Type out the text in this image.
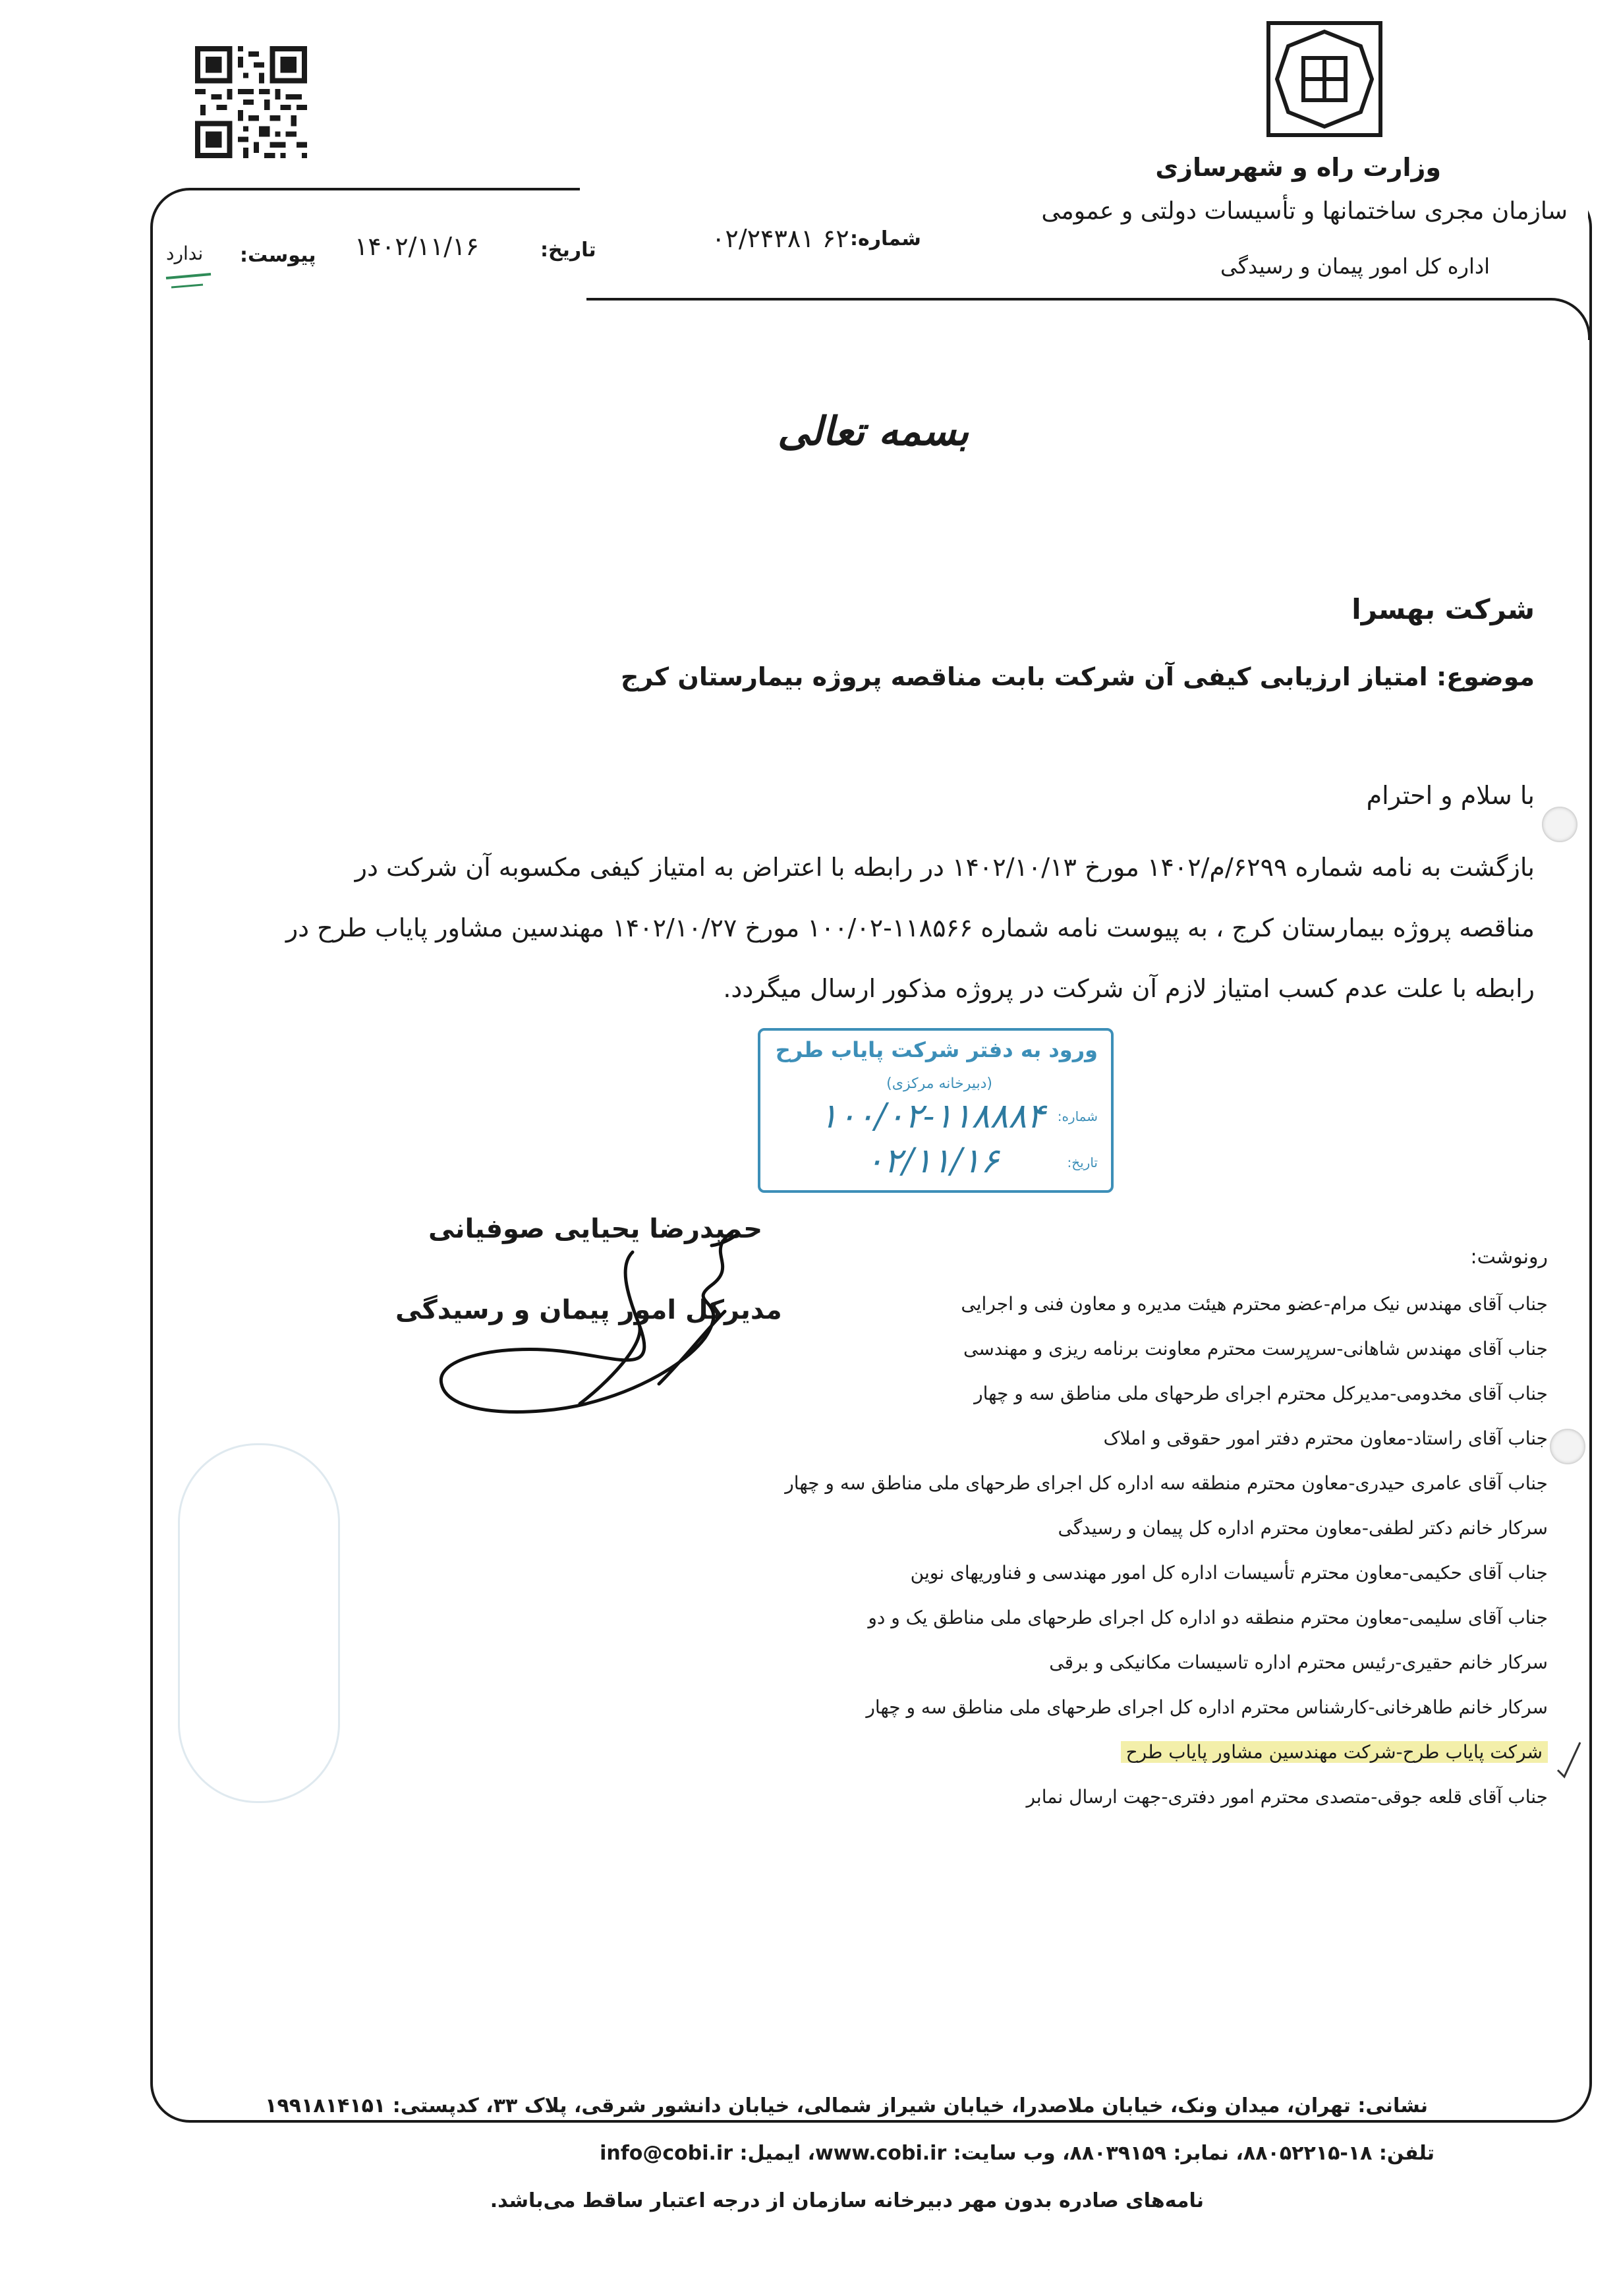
وزارت راه و شهرسازی
سازمان مجری ساختمانها و تأسیسات دولتی و عمومی
اداره کل امور پیمان و رسیدگی
شماره:
۶۲ ۰۲/۲۴۳۸۱
تاریخ:
۱۴۰۲/۱۱/۱۶
پیوست:
ندارد
بسمه تعالی
شرکت بهسرا
موضوع: امتیاز ارزیابی کیفی آن شرکت بابت مناقصه پروژه بیمارستان کرج
با سلام و احترام
بازگشت به نامه شماره ۶۲۹۹/م/۱۴۰۲ مورخ ۱۴۰۲/۱۰/۱۳ در رابطه با اعتراض به امتیاز کیفی مکسوبه آن شرکت در
مناقصه پروژه بیمارستان کرج ، به پیوست نامه شماره ۱۱۸۵۶۶-۱۰۰/۰۲ مورخ ۱۴۰۲/۱۰/۲۷ مهندسین مشاور پایاب طرح در
رابطه با علت عدم کسب امتیاز لازم آن شرکت در پروژه مذکور ارسال میگردد.
ورود به دفتر شرکت پایاب طرح
(دبیرخانه مرکزی)
شماره:
۱۰۰/۰۲-۱۱۸۸۸۴
تاریخ:
۰۲/۱۱/۱۶
حمیدرضا یحیایی صوفیانی
مدیرکل امور پیمان و رسیدگی
رونوشت:
جناب آقای مهندس نیک مرام-عضو محترم هیئت مدیره و معاون فنی و اجرایی
جناب آقای مهندس شاهانی-سرپرست محترم معاونت برنامه ریزی و مهندسی
جناب آقای مخدومی-مدیرکل محترم اجرای طرحهای ملی مناطق سه و چهار
جناب آقای راستاد-معاون محترم دفتر امور حقوقی و املاک
جناب آقای عامری حیدری-معاون محترم منطقه سه اداره کل اجرای طرحهای ملی مناطق سه و چهار
سرکار خانم دکتر لطفی-معاون محترم اداره کل پیمان و رسیدگی
جناب آقای حکیمی-معاون محترم تأسیسات اداره کل امور مهندسی و فناوریهای نوین
جناب آقای سلیمی-معاون محترم منطقه دو اداره کل اجرای طرحهای ملی مناطق یک و دو
سرکار خانم حقیری-رئیس محترم اداره تاسیسات مکانیکی و برقی
سرکار خانم طاهرخانی-کارشناس محترم اداره کل اجرای طرحهای ملی مناطق سه و چهار
شرکت پایاب طرح-شرکت مهندسین مشاور پایاب طرح
جناب آقای قلعه جوقی-متصدی محترم امور دفتری-جهت ارسال نمابر
نشانی: تهران، میدان ونک، خیابان ملاصدرا، خیابان شیراز شمالی، خیابان دانشور شرقی، پلاک ۳۳، کدپستی: ۱۹۹۱۸۱۴۱۵۱
تلفن: ۱۸-۸۸۰۵۲۲۱۵، نمابر: ۸۸۰۳۹۱۵۹، وب سایت: www.cobi.ir، ایمیل: info@cobi.ir
نامه‌های صادره بدون مهر دبیرخانه سازمان از درجه اعتبار ساقط می‌باشد.
